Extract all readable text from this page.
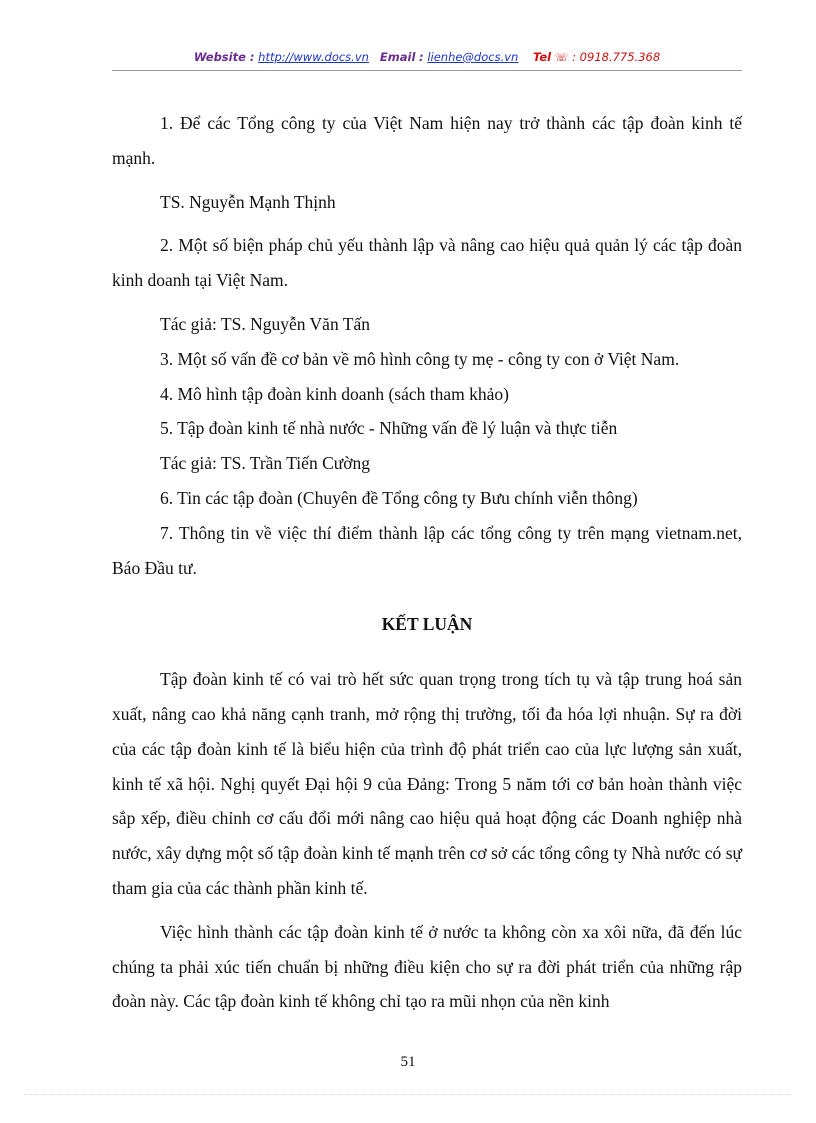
Website : http://www.docs.vn Email : lienhe@docs.vn Tel ☏ : 0918.775.368

1. Để các Tổng công ty của Việt Nam hiện nay trở thành các tập đoàn kinh tế mạnh.

TS. Nguyễn Mạnh Thịnh

2. Một số biện pháp chủ yếu thành lập và nâng cao hiệu quả quản lý các tập đoàn kinh doanh tại Việt Nam.

Tác giả: TS. Nguyễn Văn Tấn

3. Một số vấn đề cơ bản về mô hình công ty mẹ - công ty con ở Việt Nam.

4. Mô hình tập đoàn kinh doanh (sách tham khảo)

5. Tập đoàn kinh tế nhà nước - Những vấn đề lý luận và thực tiễn

Tác giả: TS. Trần Tiến Cường

6. Tin các tập đoàn (Chuyên đề Tổng công ty Bưu chính viễn thông)

7. Thông tin về việc thí điểm thành lập các tổng công ty trên mạng vietnam.net, Báo Đầu tư.

KẾT LUẬN

Tập đoàn kinh tế có vai trò hết sức quan trọng trong tích tụ và tập trung hoá sản xuất, nâng cao khả năng cạnh tranh, mở rộng thị trường, tối đa hóa lợi nhuận. Sự ra đời của các tập đoàn kinh tế là biểu hiện của trình độ phát triển cao của lực lượng sản xuất, kinh tế xã hội. Nghị quyết Đại hội 9 của Đảng: Trong 5 năm tới cơ bản hoàn thành việc sắp xếp, điều chỉnh cơ cấu đổi mới nâng cao hiệu quả hoạt động các Doanh nghiệp nhà nước, xây dựng một số tập đoàn kinh tế mạnh trên cơ sở các tổng công ty Nhà nước có sự tham gia của các thành phần kinh tế.

Việc hình thành các tập đoàn kinh tế ở nước ta không còn xa xôi nữa, đã đến lúc chúng ta phải xúc tiến chuẩn bị những điều kiện cho sự ra đời phát triển của những rập đoàn này. Các tập đoàn kinh tế không chỉ tạo ra mũi nhọn của nền kinh

51
